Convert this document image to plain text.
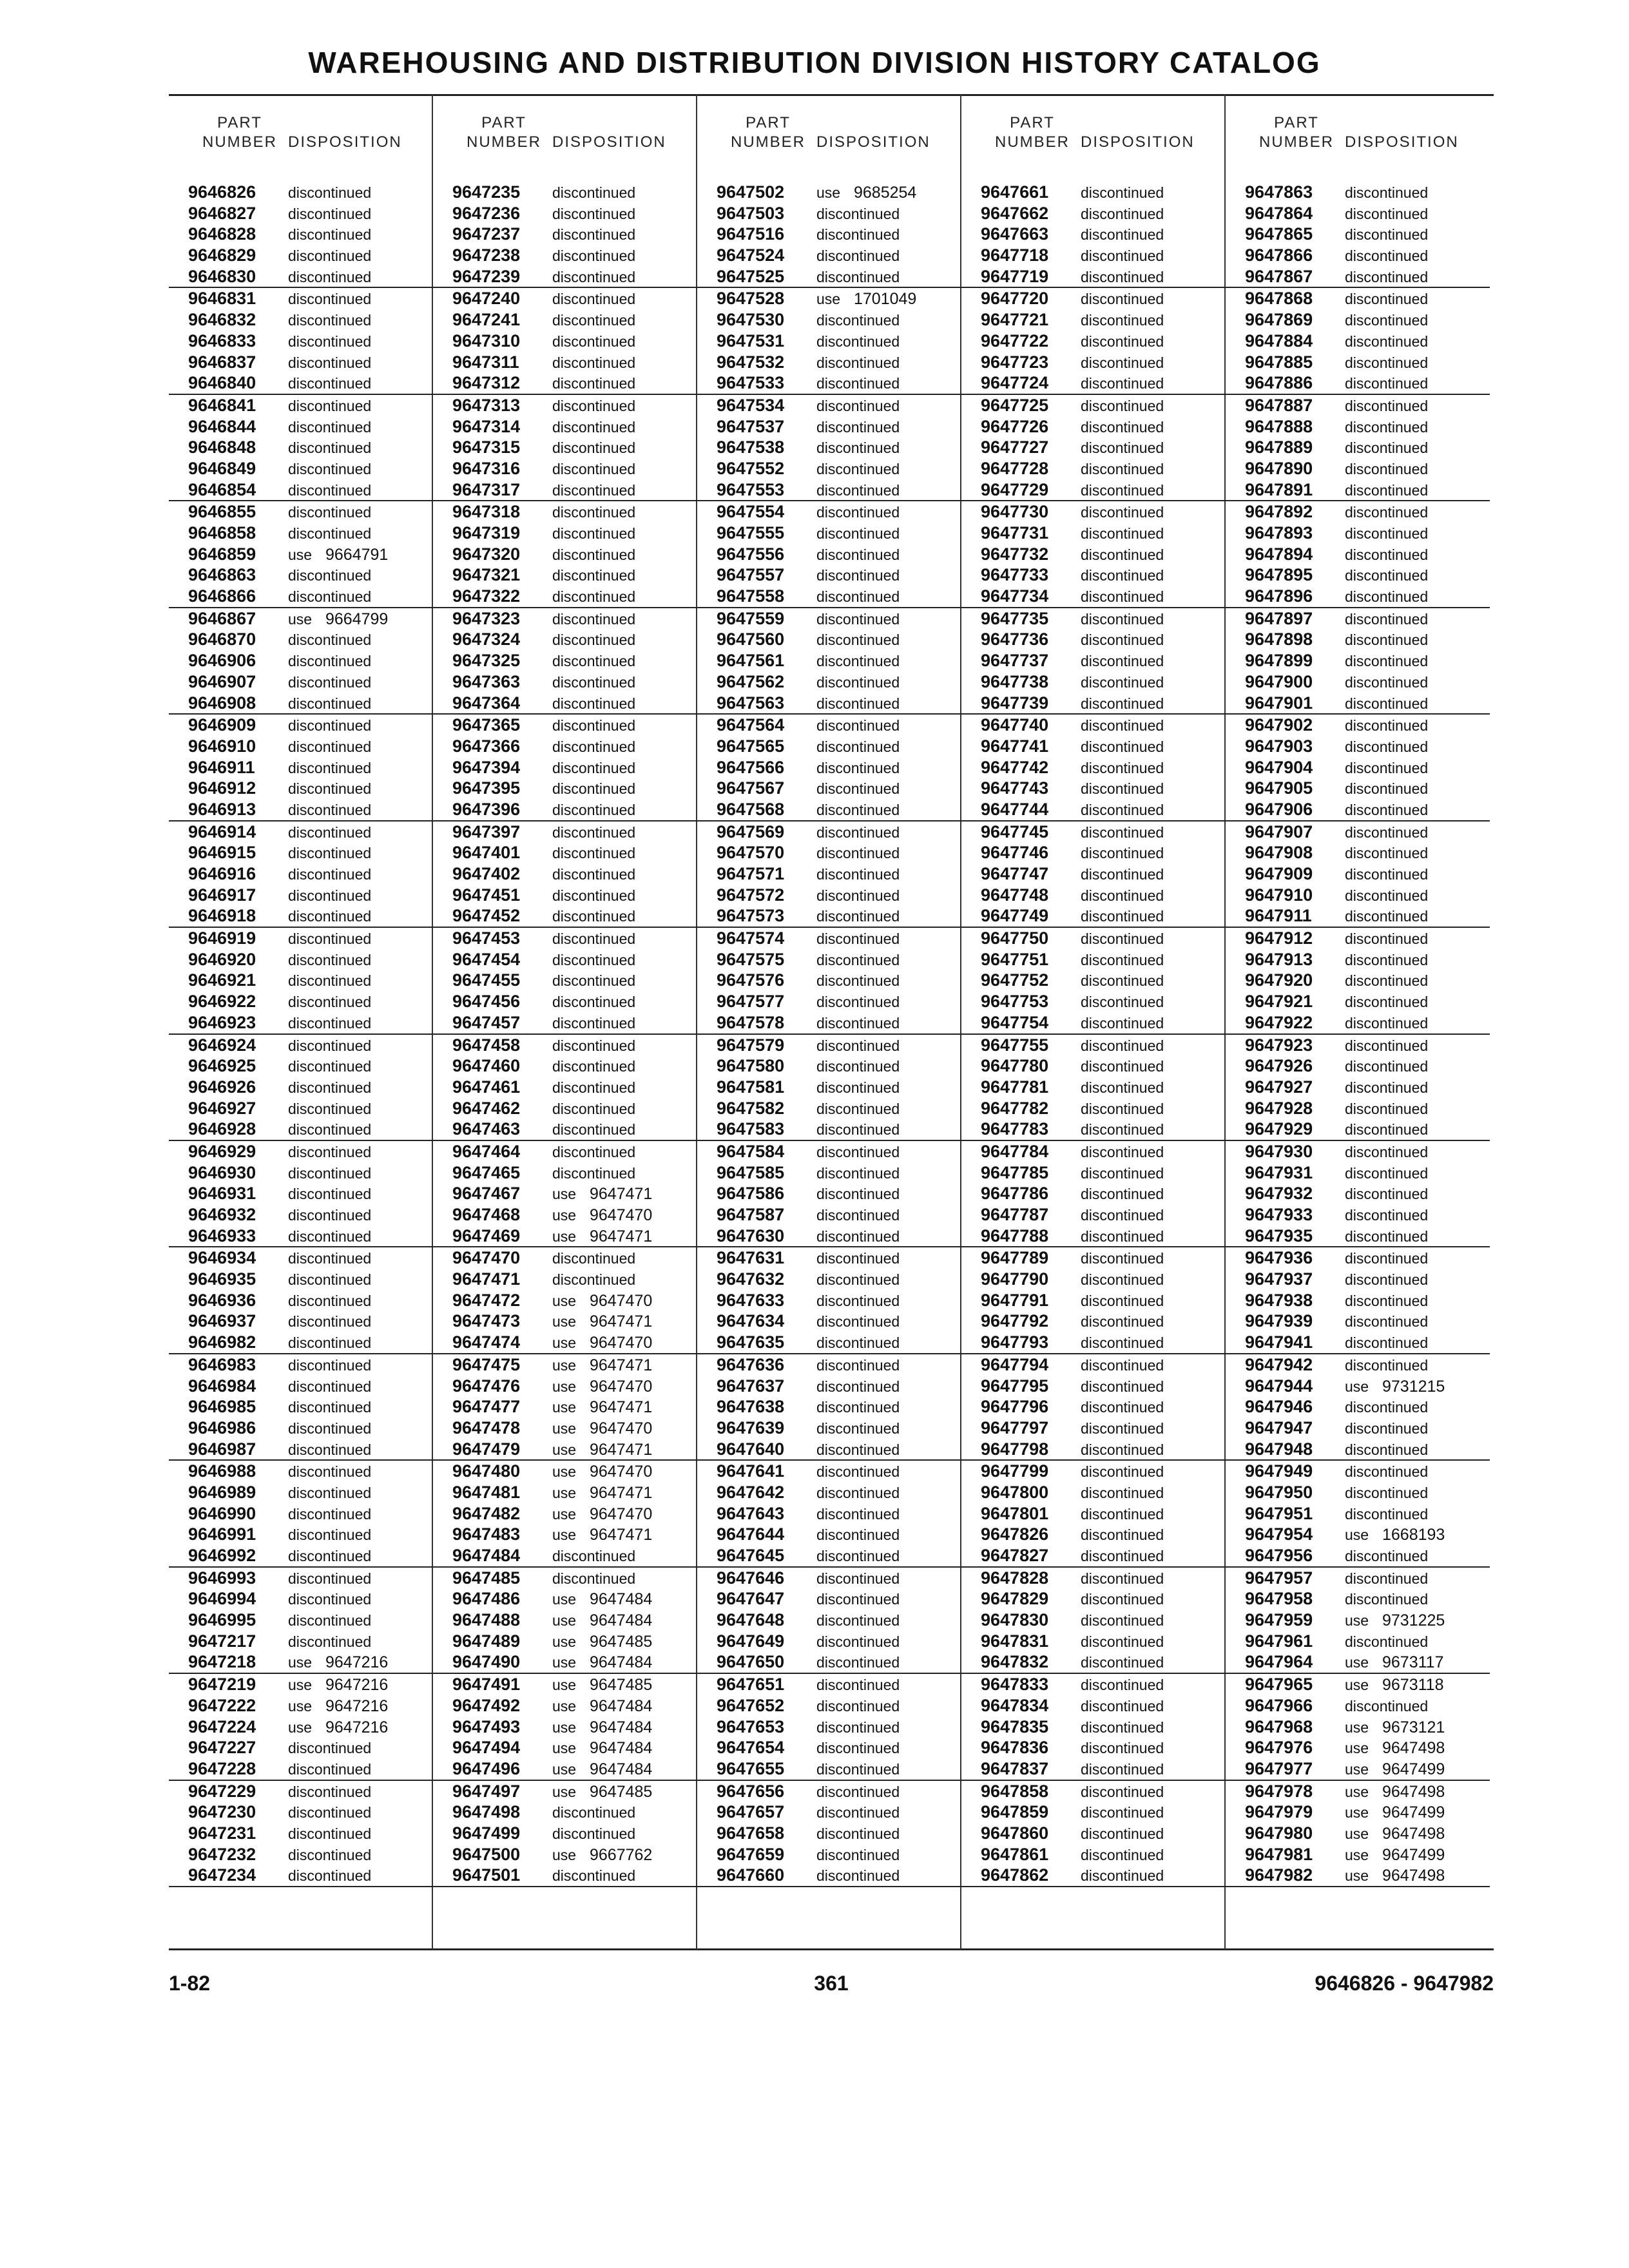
WAREHOUSING AND DISTRIBUTION DIVISION HISTORY CATALOG
PART
NUMBER DISPOSITION
9646826 discontinued
9646827 discontinued
9646828 discontinued
9646829 discontinued
9646830 discontinued
9646831 discontinued
9646832 discontinued
9646833 discontinued
9646837 discontinued
9646840 discontinued
9646841 discontinued
9646844 discontinued
9646848 discontinued
9646849 discontinued
9646854 discontinued
9646855 discontinued
9646858 discontinued
9646859 use 9664791
9646863 discontinued
9646866 discontinued
9646867 use 9664799
9646870 discontinued
9646906 discontinued
9646907 discontinued
9646908 discontinued
9646909 discontinued
9646910 discontinued
9646911 discontinued
9646912 discontinued
9646913 discontinued
9646914 discontinued
9646915 discontinued
9646916 discontinued
9646917 discontinued
9646918 discontinued
9646919 discontinued
9646920 discontinued
9646921 discontinued
9646922 discontinued
9646923 discontinued
9646924 discontinued
9646925 discontinued
9646926 discontinued
9646927 discontinued
9646928 discontinued
9646929 discontinued
9646930 discontinued
9646931 discontinued
9646932 discontinued
9646933 discontinued
9646934 discontinued
9646935 discontinued
9646936 discontinued
9646937 discontinued
9646982 discontinued
9646983 discontinued
9646984 discontinued
9646985 discontinued
9646986 discontinued
9646987 discontinued
9646988 discontinued
9646989 discontinued
9646990 discontinued
9646991 discontinued
9646992 discontinued
9646993 discontinued
9646994 discontinued
9646995 discontinued
9647217 discontinued
9647218 use 9647216
9647219 use 9647216
9647222 use 9647216
9647224 use 9647216
9647227 discontinued
9647228 discontinued
9647229 discontinued
9647230 discontinued
9647231 discontinued
9647232 discontinued
9647234 discontinued
PART
NUMBER DISPOSITION
9647235 discontinued
9647236 discontinued
9647237 discontinued
9647238 discontinued
9647239 discontinued
9647240 discontinued
9647241 discontinued
9647310 discontinued
9647311 discontinued
9647312 discontinued
9647313 discontinued
9647314 discontinued
9647315 discontinued
9647316 discontinued
9647317 discontinued
9647318 discontinued
9647319 discontinued
9647320 discontinued
9647321 discontinued
9647322 discontinued
9647323 discontinued
9647324 discontinued
9647325 discontinued
9647363 discontinued
9647364 discontinued
9647365 discontinued
9647366 discontinued
9647394 discontinued
9647395 discontinued
9647396 discontinued
9647397 discontinued
9647401 discontinued
9647402 discontinued
9647451 discontinued
9647452 discontinued
9647453 discontinued
9647454 discontinued
9647455 discontinued
9647456 discontinued
9647457 discontinued
9647458 discontinued
9647460 discontinued
9647461 discontinued
9647462 discontinued
9647463 discontinued
9647464 discontinued
9647465 discontinued
9647467 use 9647471
9647468 use 9647470
9647469 use 9647471
9647470 discontinued
9647471 discontinued
9647472 use 9647470
9647473 use 9647471
9647474 use 9647470
9647475 use 9647471
9647476 use 9647470
9647477 use 9647471
9647478 use 9647470
9647479 use 9647471
9647480 use 9647470
9647481 use 9647471
9647482 use 9647470
9647483 use 9647471
9647484 discontinued
9647485 discontinued
9647486 use 9647484
9647488 use 9647484
9647489 use 9647485
9647490 use 9647484
9647491 use 9647485
9647492 use 9647484
9647493 use 9647484
9647494 use 9647484
9647496 use 9647484
9647497 use 9647485
9647498 discontinued
9647499 discontinued
9647500 use 9667762
9647501 discontinued
PART
NUMBER DISPOSITION
9647502 use 9685254
9647503 discontinued
9647516 discontinued
9647524 discontinued
9647525 discontinued
9647528 use 1701049
9647530 discontinued
9647531 discontinued
9647532 discontinued
9647533 discontinued
9647534 discontinued
9647537 discontinued
9647538 discontinued
9647552 discontinued
9647553 discontinued
9647554 discontinued
9647555 discontinued
9647556 discontinued
9647557 discontinued
9647558 discontinued
9647559 discontinued
9647560 discontinued
9647561 discontinued
9647562 discontinued
9647563 discontinued
9647564 discontinued
9647565 discontinued
9647566 discontinued
9647567 discontinued
9647568 discontinued
9647569 discontinued
9647570 discontinued
9647571 discontinued
9647572 discontinued
9647573 discontinued
9647574 discontinued
9647575 discontinued
9647576 discontinued
9647577 discontinued
9647578 discontinued
9647579 discontinued
9647580 discontinued
9647581 discontinued
9647582 discontinued
9647583 discontinued
9647584 discontinued
9647585 discontinued
9647586 discontinued
9647587 discontinued
9647630 discontinued
9647631 discontinued
9647632 discontinued
9647633 discontinued
9647634 discontinued
9647635 discontinued
9647636 discontinued
9647637 discontinued
9647638 discontinued
9647639 discontinued
9647640 discontinued
9647641 discontinued
9647642 discontinued
9647643 discontinued
9647644 discontinued
9647645 discontinued
9647646 discontinued
9647647 discontinued
9647648 discontinued
9647649 discontinued
9647650 discontinued
9647651 discontinued
9647652 discontinued
9647653 discontinued
9647654 discontinued
9647655 discontinued
9647656 discontinued
9647657 discontinued
9647658 discontinued
9647659 discontinued
9647660 discontinued
PART
NUMBER DISPOSITION
9647661 discontinued
9647662 discontinued
9647663 discontinued
9647718 discontinued
9647719 discontinued
9647720 discontinued
9647721 discontinued
9647722 discontinued
9647723 discontinued
9647724 discontinued
9647725 discontinued
9647726 discontinued
9647727 discontinued
9647728 discontinued
9647729 discontinued
9647730 discontinued
9647731 discontinued
9647732 discontinued
9647733 discontinued
9647734 discontinued
9647735 discontinued
9647736 discontinued
9647737 discontinued
9647738 discontinued
9647739 discontinued
9647740 discontinued
9647741 discontinued
9647742 discontinued
9647743 discontinued
9647744 discontinued
9647745 discontinued
9647746 discontinued
9647747 discontinued
9647748 discontinued
9647749 discontinued
9647750 discontinued
9647751 discontinued
9647752 discontinued
9647753 discontinued
9647754 discontinued
9647755 discontinued
9647780 discontinued
9647781 discontinued
9647782 discontinued
9647783 discontinued
9647784 discontinued
9647785 discontinued
9647786 discontinued
9647787 discontinued
9647788 discontinued
9647789 discontinued
9647790 discontinued
9647791 discontinued
9647792 discontinued
9647793 discontinued
9647794 discontinued
9647795 discontinued
9647796 discontinued
9647797 discontinued
9647798 discontinued
9647799 discontinued
9647800 discontinued
9647801 discontinued
9647826 discontinued
9647827 discontinued
9647828 discontinued
9647829 discontinued
9647830 discontinued
9647831 discontinued
9647832 discontinued
9647833 discontinued
9647834 discontinued
9647835 discontinued
9647836 discontinued
9647837 discontinued
9647858 discontinued
9647859 discontinued
9647860 discontinued
9647861 discontinued
9647862 discontinued
PART
NUMBER DISPOSITION
9647863 discontinued
9647864 discontinued
9647865 discontinued
9647866 discontinued
9647867 discontinued
9647868 discontinued
9647869 discontinued
9647884 discontinued
9647885 discontinued
9647886 discontinued
9647887 discontinued
9647888 discontinued
9647889 discontinued
9647890 discontinued
9647891 discontinued
9647892 discontinued
9647893 discontinued
9647894 discontinued
9647895 discontinued
9647896 discontinued
9647897 discontinued
9647898 discontinued
9647899 discontinued
9647900 discontinued
9647901 discontinued
9647902 discontinued
9647903 discontinued
9647904 discontinued
9647905 discontinued
9647906 discontinued
9647907 discontinued
9647908 discontinued
9647909 discontinued
9647910 discontinued
9647911 discontinued
9647912 discontinued
9647913 discontinued
9647920 discontinued
9647921 discontinued
9647922 discontinued
9647923 discontinued
9647926 discontinued
9647927 discontinued
9647928 discontinued
9647929 discontinued
9647930 discontinued
9647931 discontinued
9647932 discontinued
9647933 discontinued
9647935 discontinued
9647936 discontinued
9647937 discontinued
9647938 discontinued
9647939 discontinued
9647941 discontinued
9647942 discontinued
9647944 use 9731215
9647946 discontinued
9647947 discontinued
9647948 discontinued
9647949 discontinued
9647950 discontinued
9647951 discontinued
9647954 use 1668193
9647956 discontinued
9647957 discontinued
9647958 discontinued
9647959 use 9731225
9647961 discontinued
9647964 use 9673117
9647965 use 9673118
9647966 discontinued
9647968 use 9673121
9647976 use 9647498
9647977 use 9647499
9647978 use 9647498
9647979 use 9647499
9647980 use 9647498
9647981 use 9647499
9647982 use 9647498
1-82	361	9646826 - 9647982
